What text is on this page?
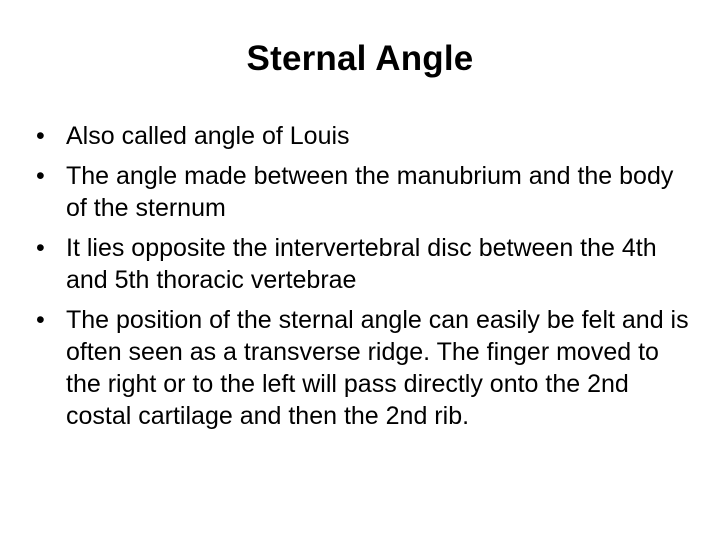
Sternal Angle
• Also called angle of Louis
• The angle made between the manubrium and the body of the sternum
• It lies opposite the intervertebral disc between the 4th and 5th thoracic vertebrae
• The position of the sternal angle can easily be felt and is often seen as a transverse ridge. The finger moved to the right or to the left will pass directly onto the 2nd costal cartilage and then the 2nd rib.
